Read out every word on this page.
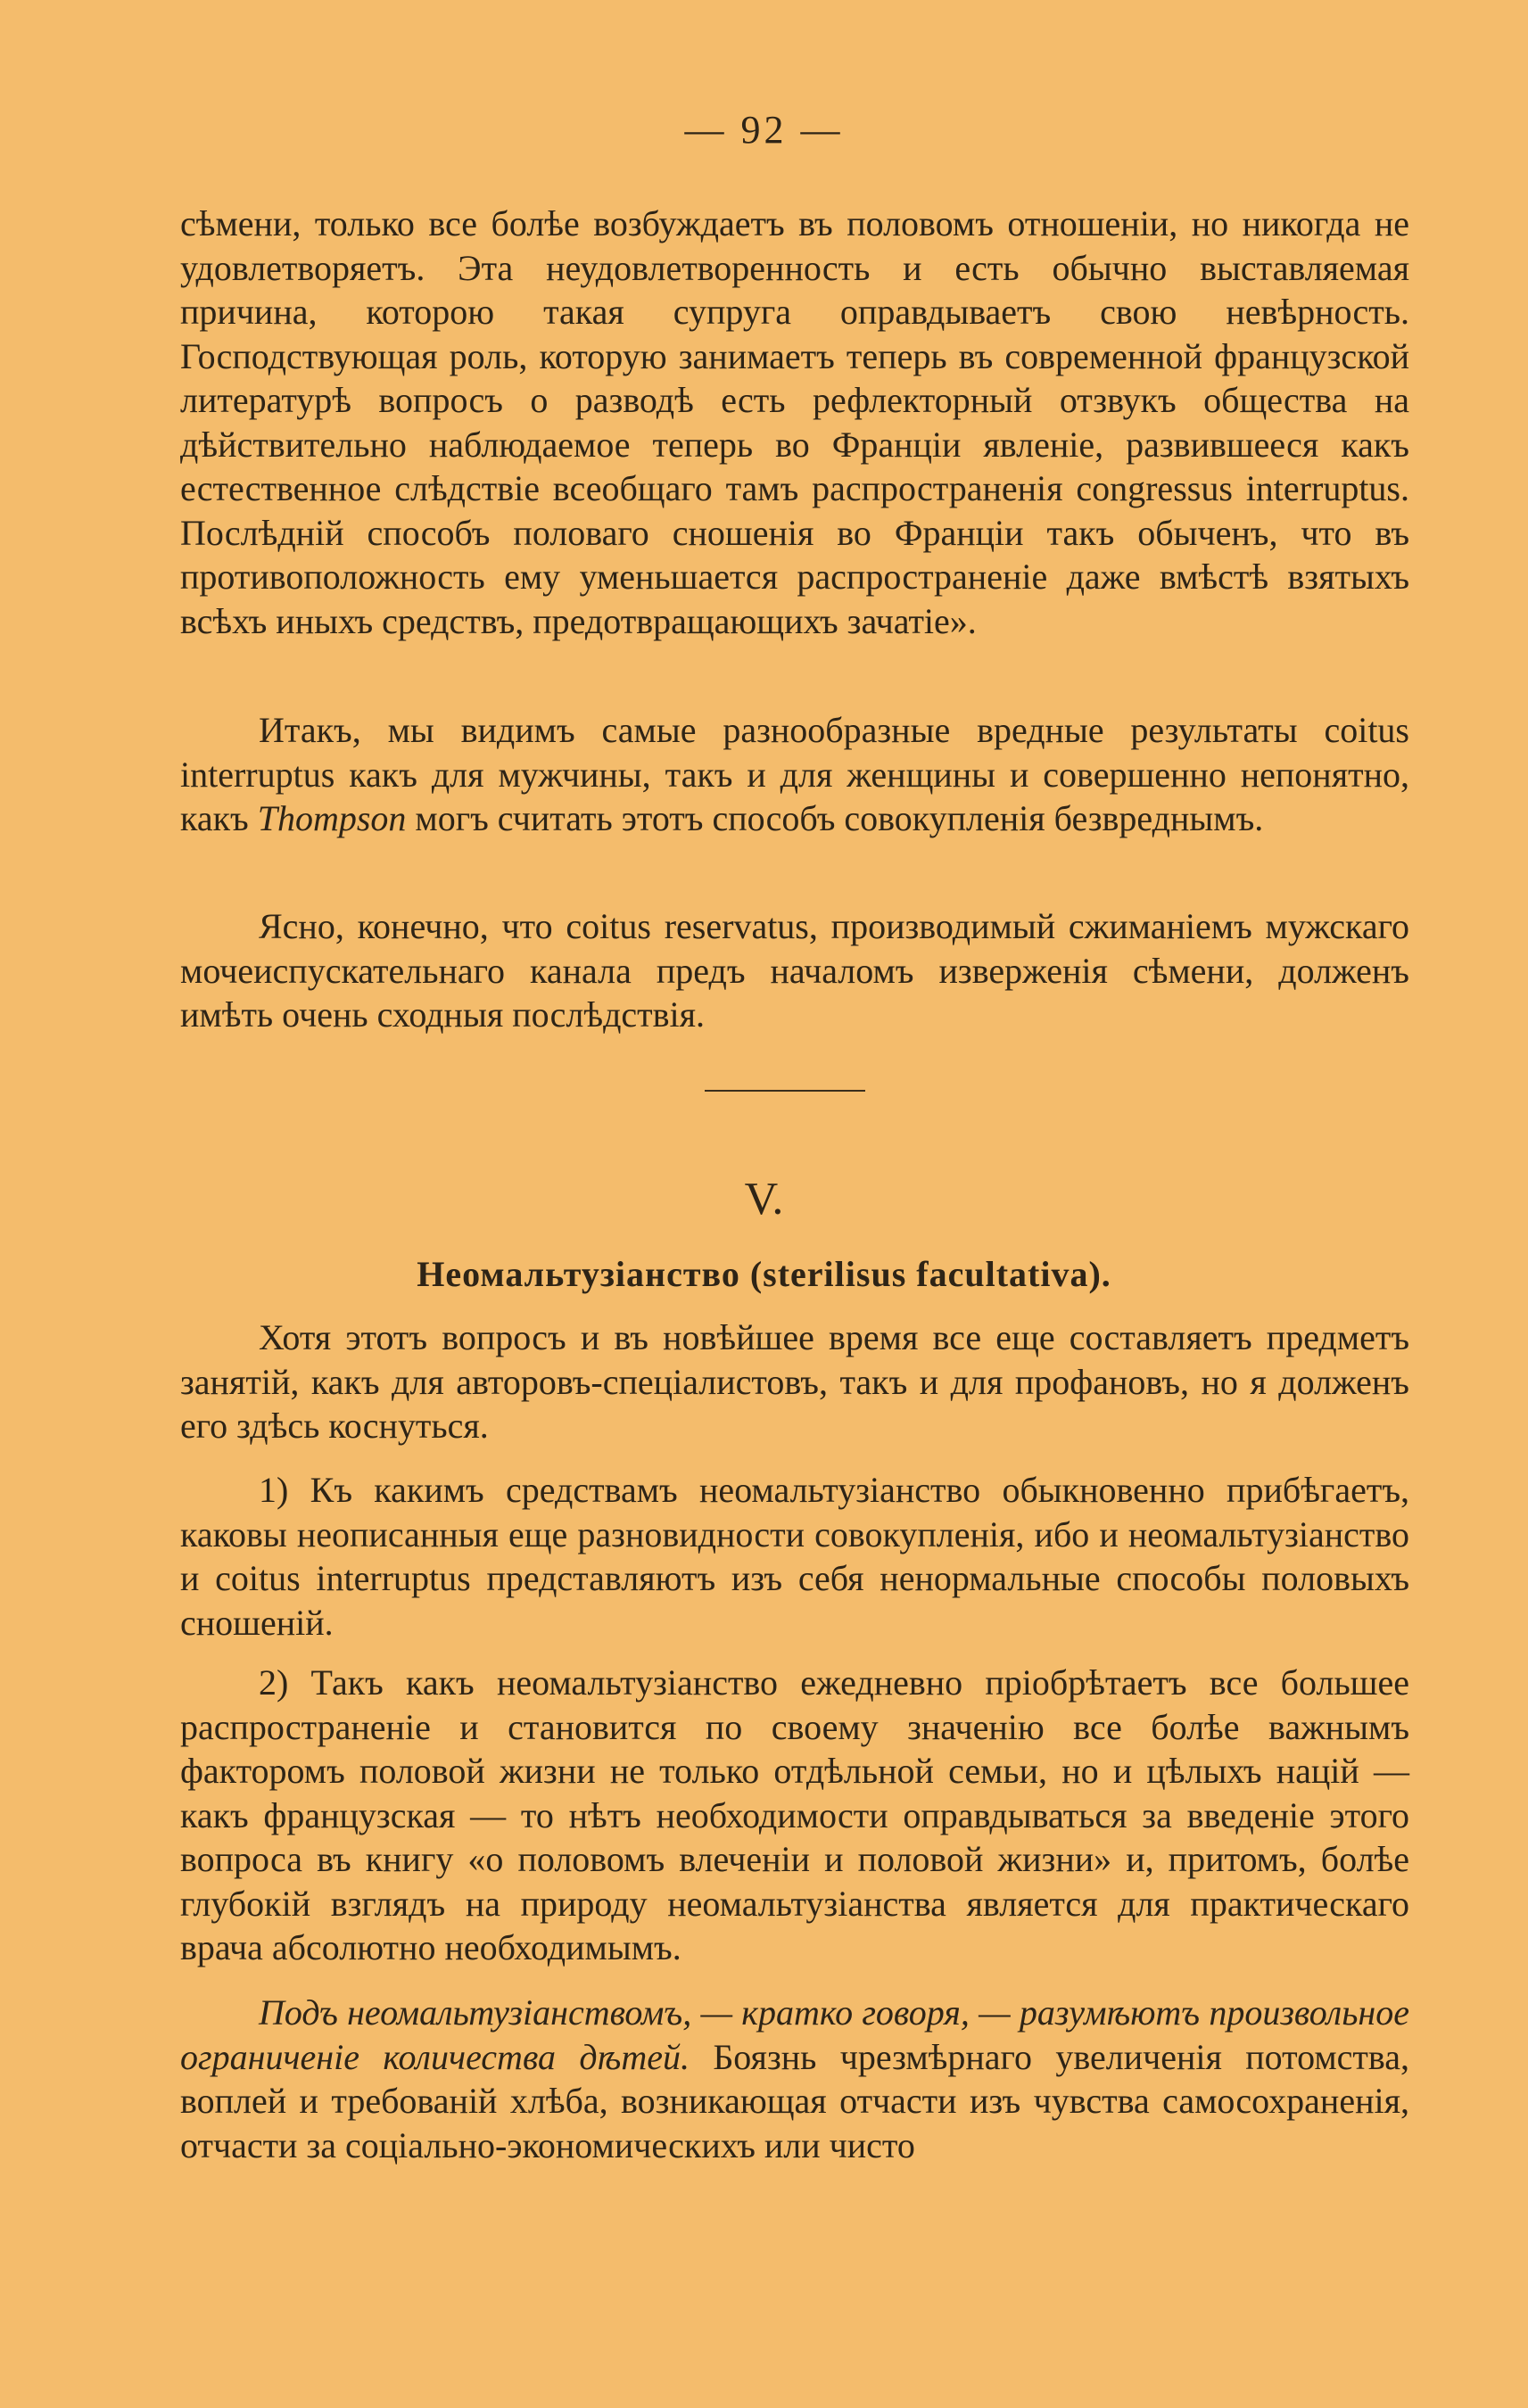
— 92 —

сѣмени, только все болѣе возбуждаетъ въ половомъ отношеніи, но никогда не удовлетворяетъ. Эта неудовлетворенность и есть обычно выставляемая причина, которою такая супруга оправдываетъ свою невѣрность. Господствующая роль, которую занимаетъ теперь въ современной французской литературѣ вопросъ о разводѣ есть рефлекторный отзвукъ общества на дѣйствительно наблюдаемое теперь во Франціи явленіе, развившееся какъ естественное слѣдствіе всеобщаго тамъ распространенія congressus interruptus. Послѣдній способъ половаго сношенія во Франціи такъ обыченъ, что въ противоположность ему уменьшается распространеніе даже вмѣстѣ взятыхъ всѣхъ иныхъ средствъ, предотвращающихъ зачатіе».

Итакъ, мы видимъ самые разнообразные вредные результаты coitus interruptus какъ для мужчины, такъ и для женщины и совершенно непонятно, какъ Thompson могъ считать этотъ способъ совокупленія безвреднымъ.

Ясно, конечно, что coitus reservatus, производимый сжиманіемъ мужскаго мочеиспускательнаго канала предъ началомъ изверженія сѣмени, долженъ имѣть очень сходныя послѣдствія.

V.
Неомальтузіанство (sterilisus facultativa).

Хотя этотъ вопросъ и въ новѣйшее время все еще составляетъ предметъ занятій, какъ для авторовъ-спеціалистовъ, такъ и для профановъ, но я долженъ его здѣсь коснуться.

1) Къ какимъ средствамъ неомальтузіанство обыкновенно прибѣгаетъ, каковы неописанныя еще разновидности совокупленія, ибо и неомальтузіанство и coitus interruptus представляютъ изъ себя ненормальные способы половыхъ сношеній.

2) Такъ какъ неомальтузіанство ежедневно пріобрѣтаетъ все большее распространеніе и становится по своему значенію все болѣе важнымъ факторомъ половой жизни не только отдѣльной семьи, но и цѣлыхъ націй — какъ французская — то нѣтъ необходимости оправдываться за введеніе этого вопроса въ книгу «о половомъ влеченіи и половой жизни» и, притомъ, болѣе глубокій взглядъ на природу неомальтузіанства является для практическаго врача абсолютно необходимымъ.

Подъ неомальтузіанствомъ, — кратко говоря, — разумѣютъ произвольное ограниченіе количества дѣтей. Боязнь чрезмѣрнаго увеличенія потомства, воплей и требованій хлѣба, возникающая отчасти изъ чувства самосохраненія, отчасти за соціально-экономическихъ или чисто
